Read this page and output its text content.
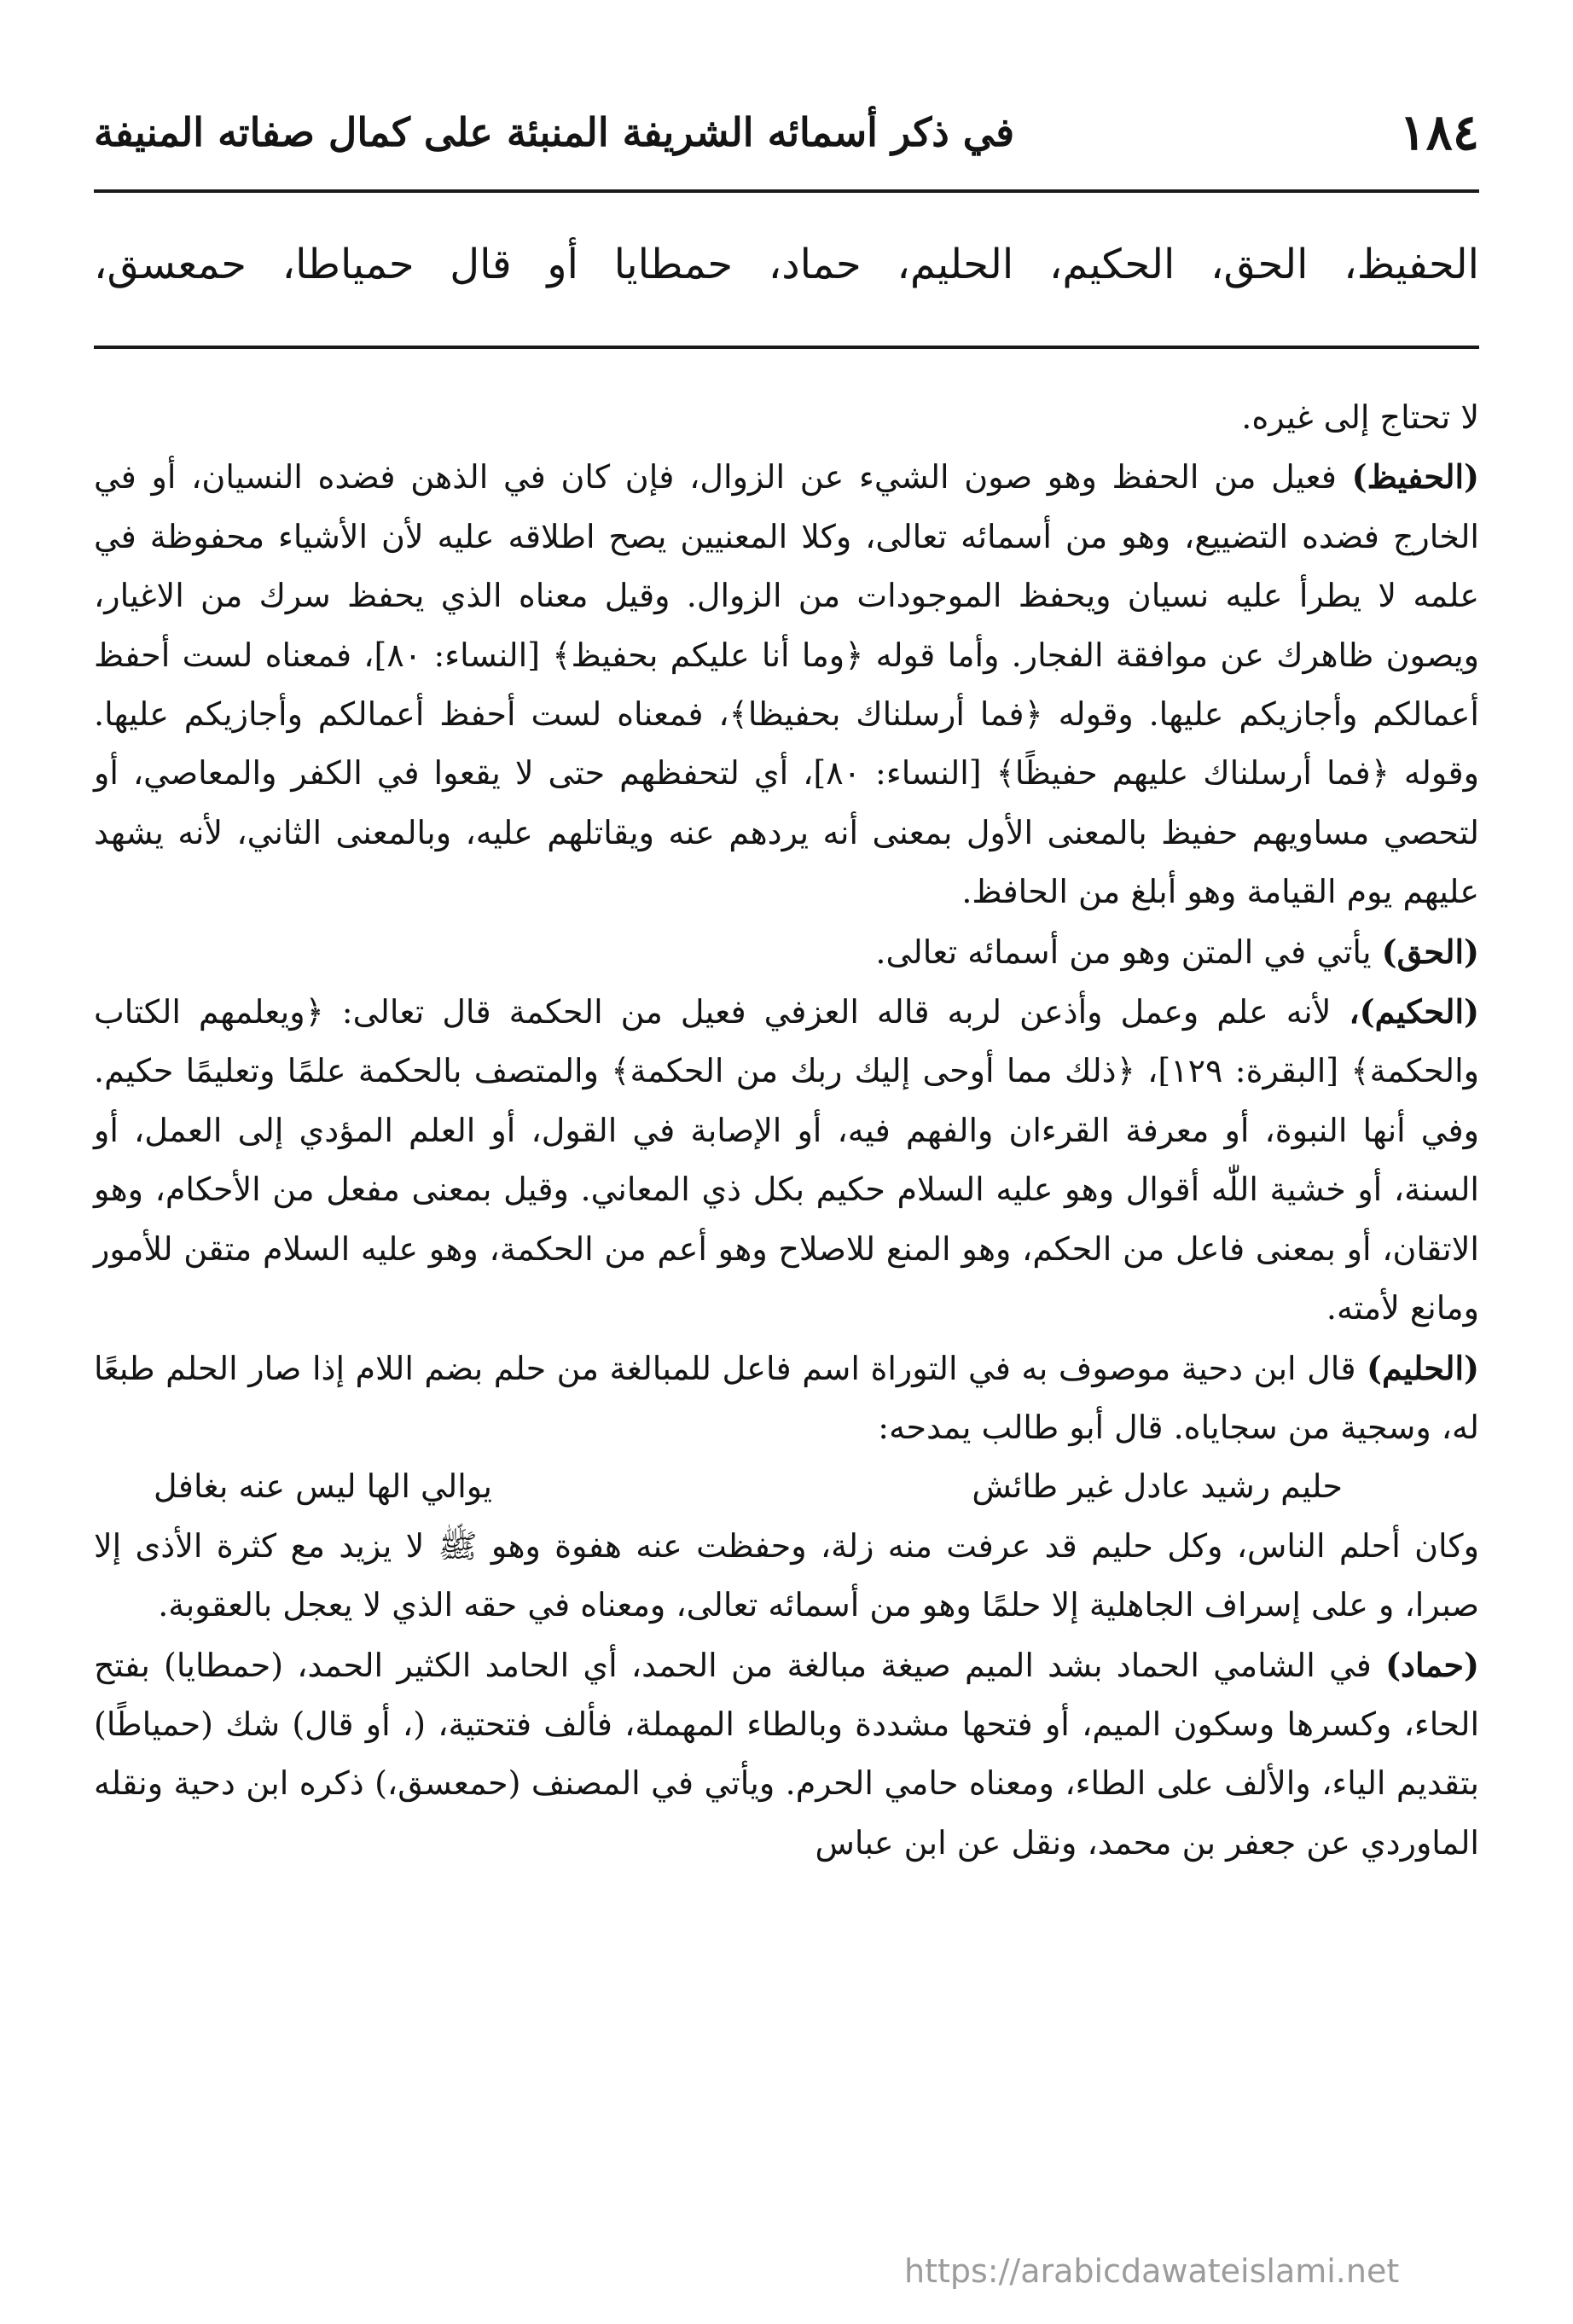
١٨٤
في ذكر أسمائه الشريفة المنبئة على كمال صفاته المنيفة
الحفيظ، الحق، الحكيم، الحليم، حماد، حمطايا أو قال حمياطا، حمعسق،

لا تحتاج إلى غيره.

(الحفيظ) فعيل من الحفظ وهو صون الشيء عن الزوال، فإن كان في الذهن فضده النسيان، أو في الخارج فضده التضييع، وهو من أسمائه تعالى، وكلا المعنيين يصح اطلاقه عليه لأن الأشياء محفوظة في علمه لا يطرأ عليه نسيان ويحفظ الموجودات من الزوال. وقيل معناه الذي يحفظ سرك من الاغيار، ويصون ظاهرك عن موافقة الفجار. وأما قوله ﴿وما أنا عليكم بحفيظ﴾ [النساء: ٨٠]، فمعناه لست أحفظ أعمالكم وأجازيكم عليها. وقوله ﴿فما أرسلناك بحفيظا﴾، فمعناه لست أحفظ أعمالكم وأجازيكم عليها. وقوله ﴿فما أرسلناك عليهم حفيظًا﴾ [النساء: ٨٠]، أي لتحفظهم حتى لا يقعوا في الكفر والمعاصي، أو لتحصي مساويهم حفيظ بالمعنى الأول بمعنى أنه يردهم عنه ويقاتلهم عليه، وبالمعنى الثاني، لأنه يشهد عليهم يوم القيامة وهو أبلغ من الحافظ.

(الحق) يأتي في المتن وهو من أسمائه تعالى.

(الحكيم)، لأنه علم وعمل وأذعن لربه قاله العزفي فعيل من الحكمة قال تعالى: ﴿ويعلمهم الكتاب والحكمة﴾ [البقرة: ١٢٩]، ﴿ذلك مما أوحى إليك ربك من الحكمة﴾ والمتصف بالحكمة علمًا وتعليمًا حكيم. وفي أنها النبوة، أو معرفة القرءان والفهم فيه، أو الإصابة في القول، أو العلم المؤدي إلى العمل، أو السنة، أو خشية اللّٰه أقوال وهو عليه السلام حكيم بكل ذي المعاني. وقيل بمعنى مفعل من الأحكام، وهو الاتقان، أو بمعنى فاعل من الحكم، وهو المنع للاصلاح وهو أعم من الحكمة، وهو عليه السلام متقن للأمور ومانع لأمته.

(الحليم) قال ابن دحية موصوف به في التوراة اسم فاعل للمبالغة من حلم بضم اللام إذا صار الحلم طبعًا له، وسجية من سجاياه. قال أبو طالب يمدحه:

حليم رشيد عادل غير طائش
يوالي الها ليس عنه بغافل

وكان أحلم الناس، وكل حليم قد عرفت منه زلة، وحفظت عنه هفوة وهو ﷺ لا يزيد مع كثرة الأذى إلا صبرا، و على إسراف الجاهلية إلا حلمًا وهو من أسمائه تعالى، ومعناه في حقه الذي لا يعجل بالعقوبة.

(حماد) في الشامي الحماد بشد الميم صيغة مبالغة من الحمد، أي الحامد الكثير الحمد، (حمطايا) بفتح الحاء، وكسرها وسكون الميم، أو فتحها مشددة وبالطاء المهملة، فألف فتحتية، (، أو قال) شك (حمياطًا) بتقديم الياء، والألف على الطاء، ومعناه حامي الحرم. ويأتي في المصنف (حمعسق،) ذكره ابن دحية ونقله الماوردي عن جعفر بن محمد، ونقل عن ابن عباس

https://arabicdawateislami.net
